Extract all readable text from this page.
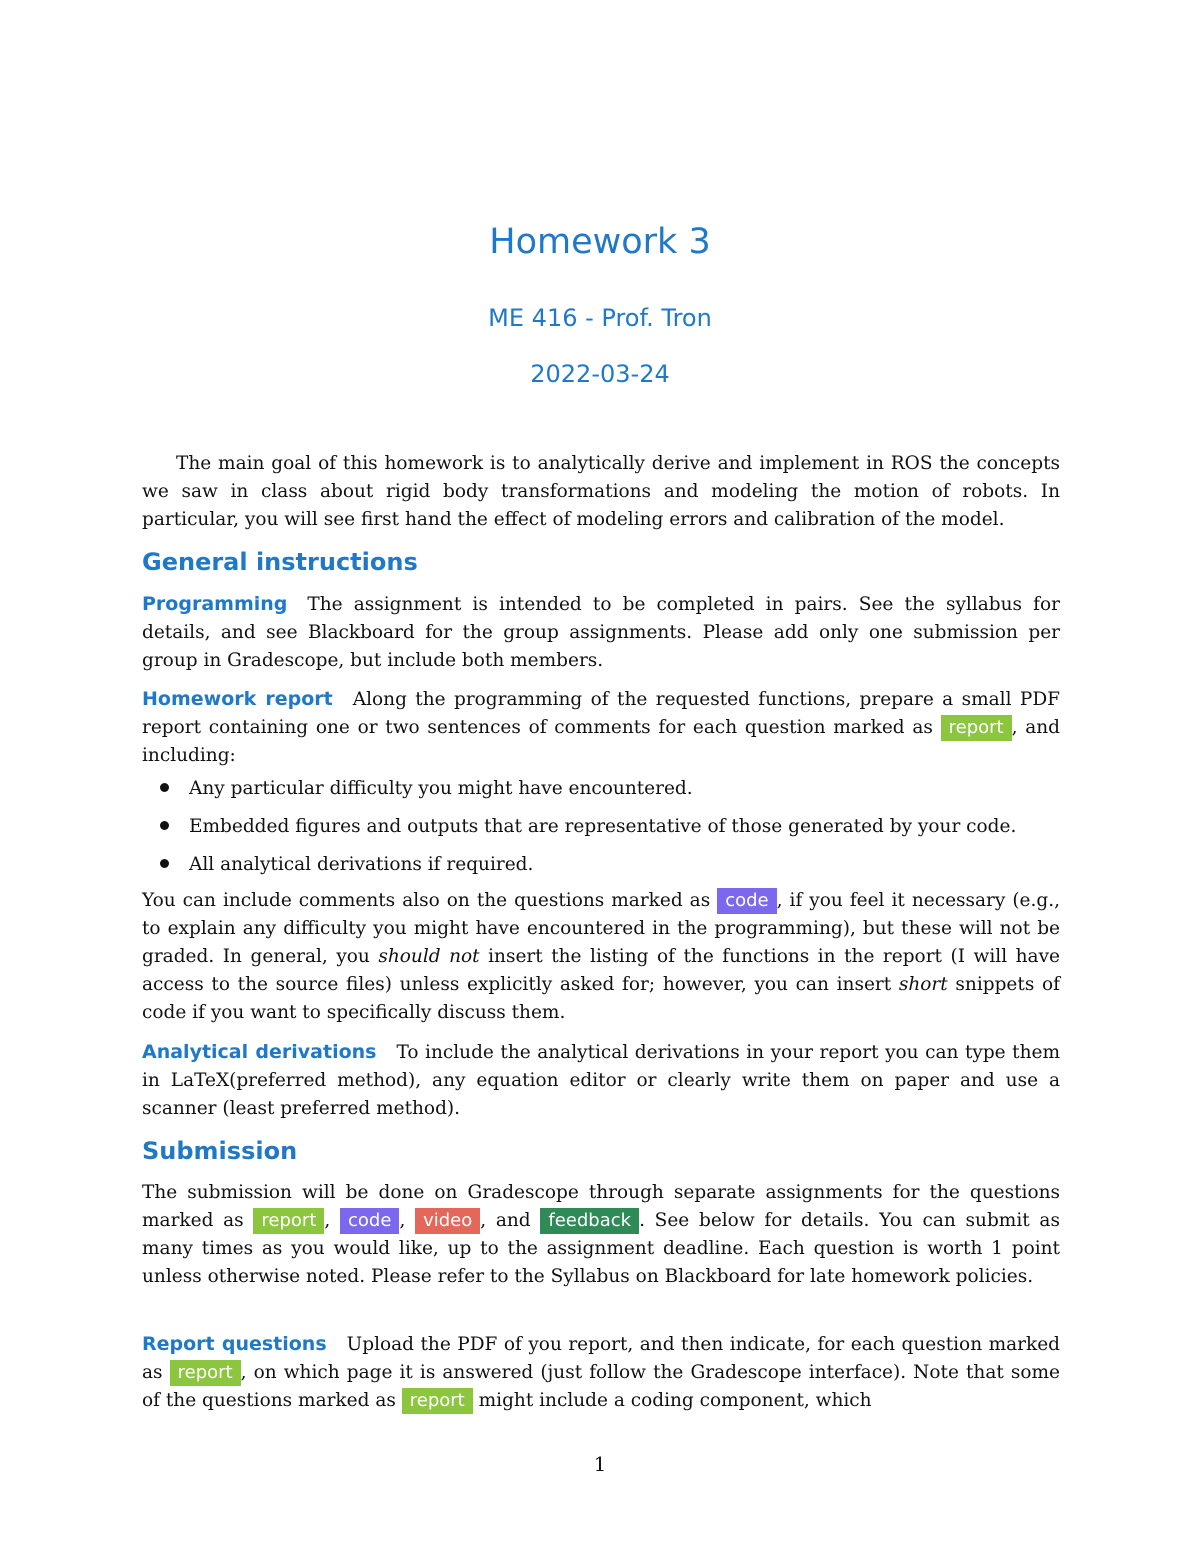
Homework 3
ME 416 - Prof. Tron
2022-03-24

The main goal of this homework is to analytically derive and implement in ROS the concepts we saw in class about rigid body transformations and modeling the motion of robots. In particular, you will see first hand the effect of modeling errors and calibration of the model.

General instructions

Programming The assignment is intended to be completed in pairs. See the syllabus for details, and see Blackboard for the group assignments. Please add only one submission per group in Gradescope, but include both members.

Homework report Along the programming of the requested functions, prepare a small PDF report containing one or two sentences of comments for each question marked as report , and including:

Any particular difficulty you might have encountered.
Embedded figures and outputs that are representative of those generated by your code.
All analytical derivations if required.

You can include comments also on the questions marked as code , if you feel it necessary (e.g., to explain any difficulty you might have encountered in the programming), but these will not be graded. In general, you should not insert the listing of the functions in the report (I will have access to the source files) unless explicitly asked for; however, you can insert short snippets of code if you want to specifically discuss them.

Analytical derivations To include the analytical derivations in your report you can type them in LaTeX(preferred method), any equation editor or clearly write them on paper and use a scanner (least preferred method).

Submission

The submission will be done on Gradescope through separate assignments for the questions marked as report , code , video , and feedback . See below for details. You can submit as many times as you would like, up to the assignment deadline. Each question is worth 1 point unless otherwise noted. Please refer to the Syllabus on Blackboard for late homework policies.

Report questions Upload the PDF of you report, and then indicate, for each question marked as report , on which page it is answered (just follow the Gradescope interface). Note that some of the questions marked as report might include a coding component, which

1
